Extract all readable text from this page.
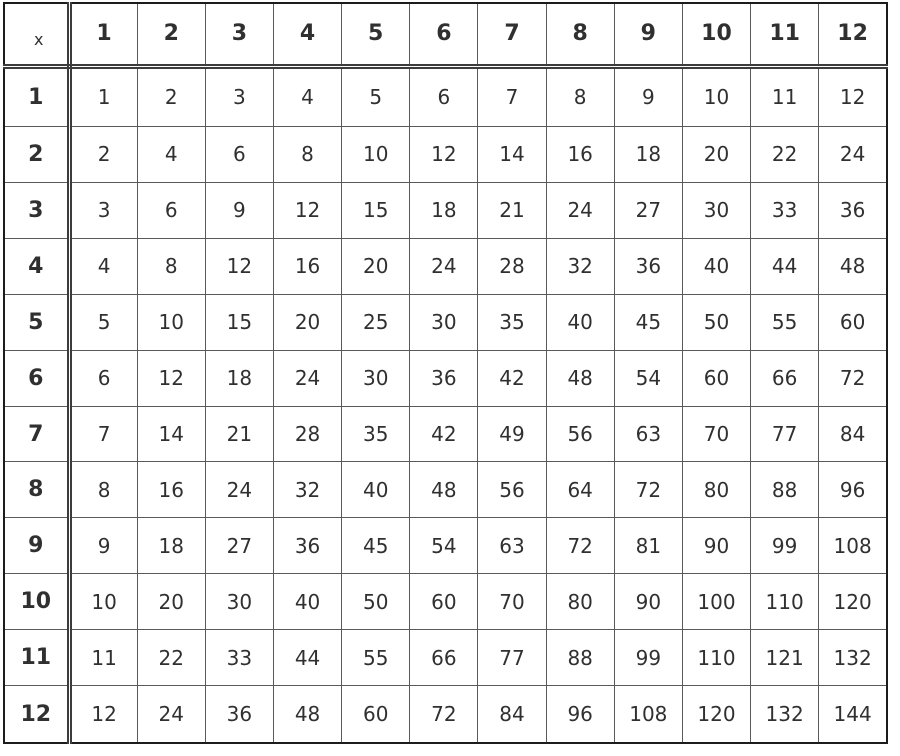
x	1	2	3	4	5	6	7	8	9	10	11	12
1	1	2	3	4	5	6	7	8	9	10	11	12
2	2	4	6	8	10	12	14	16	18	20	22	24
3	3	6	9	12	15	18	21	24	27	30	33	36
4	4	8	12	16	20	24	28	32	36	40	44	48
5	5	10	15	20	25	30	35	40	45	50	55	60
6	6	12	18	24	30	36	42	48	54	60	66	72
7	7	14	21	28	35	42	49	56	63	70	77	84
8	8	16	24	32	40	48	56	64	72	80	88	96
9	9	18	27	36	45	54	63	72	81	90	99	108
10	10	20	30	40	50	60	70	80	90	100	110	120
11	11	22	33	44	55	66	77	88	99	110	121	132
12	12	24	36	48	60	72	84	96	108	120	132	144
